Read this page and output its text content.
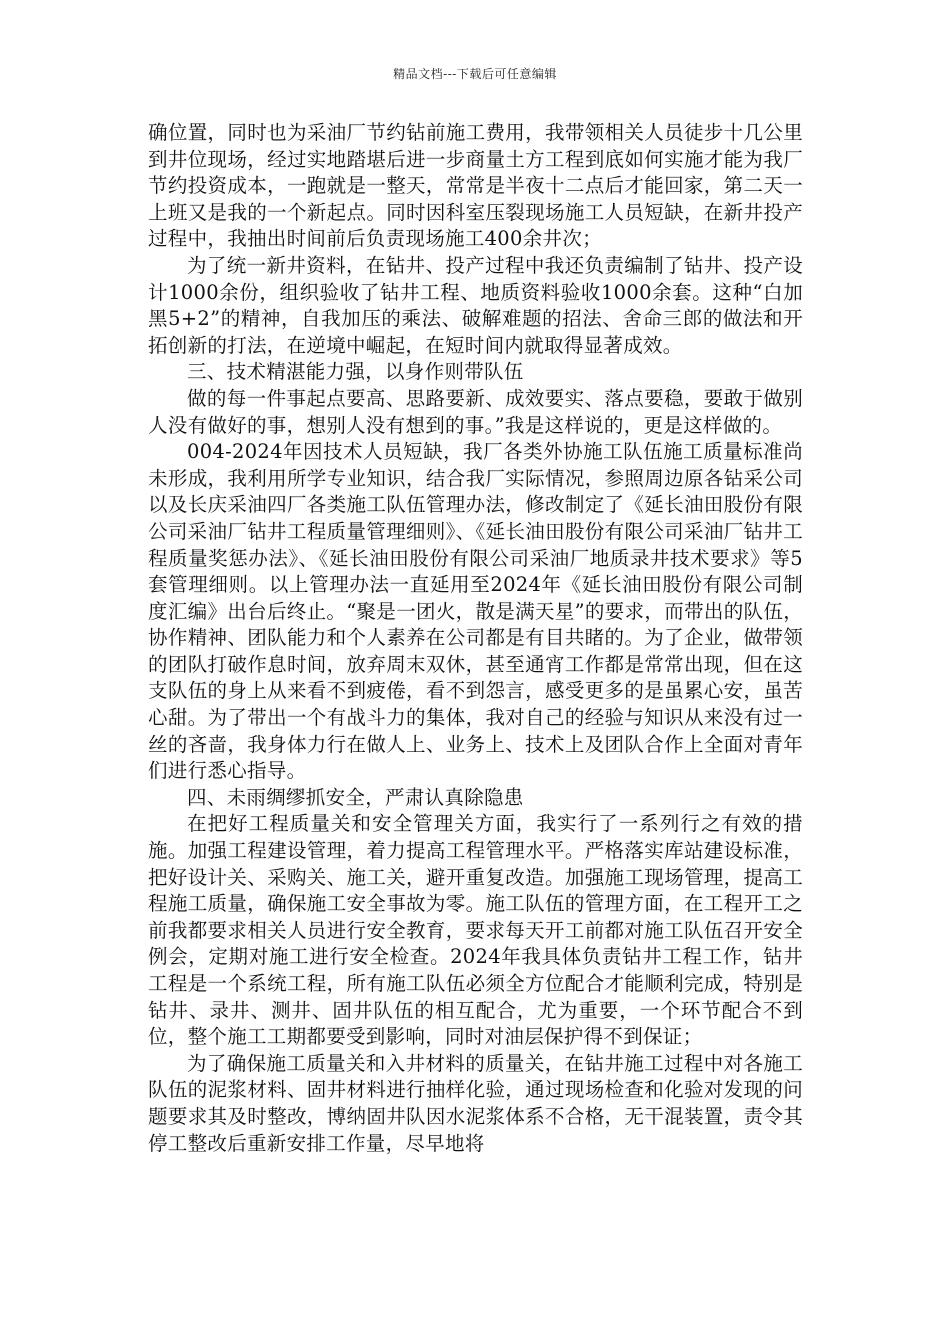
精品文档---下载后可任意编辑

确位置，同时也为采油厂节约钻前施工费用，我带领相关人员徒步十几公里到井位现场，经过实地踏堪后进一步商量土方工程到底如何实施才能为我厂节约投资成本，一跑就是一整天，常常是半夜十二点后才能回家，第二天一上班又是我的一个新起点。同时因科室压裂现场施工人员短缺，在新井投产过程中，我抽出时间前后负责现场施工400余井次；

为了统一新井资料，在钻井、投产过程中我还负责编制了钻井、投产设计1000余份，组织验收了钻井工程、地质资料验收1000余套。这种“白加黑5+2”的精神，自我加压的乘法、破解难题的招法、舍命三郎的做法和开拓创新的打法，在逆境中崛起，在短时间内就取得显著成效。

三、技术精湛能力强，以身作则带队伍

做的每一件事起点要高、思路要新、成效要实、落点要稳，要敢于做别人没有做好的事，想别人没有想到的事。”我是这样说的，更是这样做的。

004-2024年因技术人员短缺，我厂各类外协施工队伍施工质量标准尚未形成，我利用所学专业知识，结合我厂实际情况，参照周边原各钻采公司以及长庆采油四厂各类施工队伍管理办法，修改制定了《延长油田股份有限公司采油厂钻井工程质量管理细则》、《延长油田股份有限公司采油厂钻井工程质量奖惩办法》、《延长油田股份有限公司采油厂地质录井技术要求》等5套管理细则。以上管理办法一直延用至2024年《延长油田股份有限公司制度汇编》出台后终止。“聚是一团火，散是满天星”的要求，而带出的队伍，协作精神、团队能力和个人素养在公司都是有目共睹的。为了企业，做带领的团队打破作息时间，放弃周末双休，甚至通宵工作都是常常出现，但在这支队伍的身上从来看不到疲倦，看不到怨言，感受更多的是虽累心安，虽苦心甜。为了带出一个有战斗力的集体，我对自己的经验与知识从来没有过一丝的吝啬，我身体力行在做人上、业务上、技术上及团队合作上全面对青年们进行悉心指导。

四、未雨绸缪抓安全，严肃认真除隐患

在把好工程质量关和安全管理关方面，我实行了一系列行之有效的措施。加强工程建设管理，着力提高工程管理水平。严格落实库站建设标准，把好设计关、采购关、施工关，避开重复改造。加强施工现场管理，提高工程施工质量，确保施工安全事故为零。施工队伍的管理方面，在工程开工之前我都要求相关人员进行安全教育，要求每天开工前都对施工队伍召开安全例会，定期对施工进行安全检查。2024年我具体负责钻井工程工作，钻井工程是一个系统工程，所有施工队伍必须全方位配合才能顺利完成，特别是钻井、录井、测井、固井队伍的相互配合，尤为重要，一个环节配合不到位，整个施工工期都要受到影响，同时对油层保护得不到保证；

为了确保施工质量关和入井材料的质量关，在钻井施工过程中对各施工队伍的泥浆材料、固井材料进行抽样化验，通过现场检查和化验对发现的问题要求其及时整改，博纳固井队因水泥浆体系不合格，无干混装置，责令其停工整改后重新安排工作量，尽早地将
